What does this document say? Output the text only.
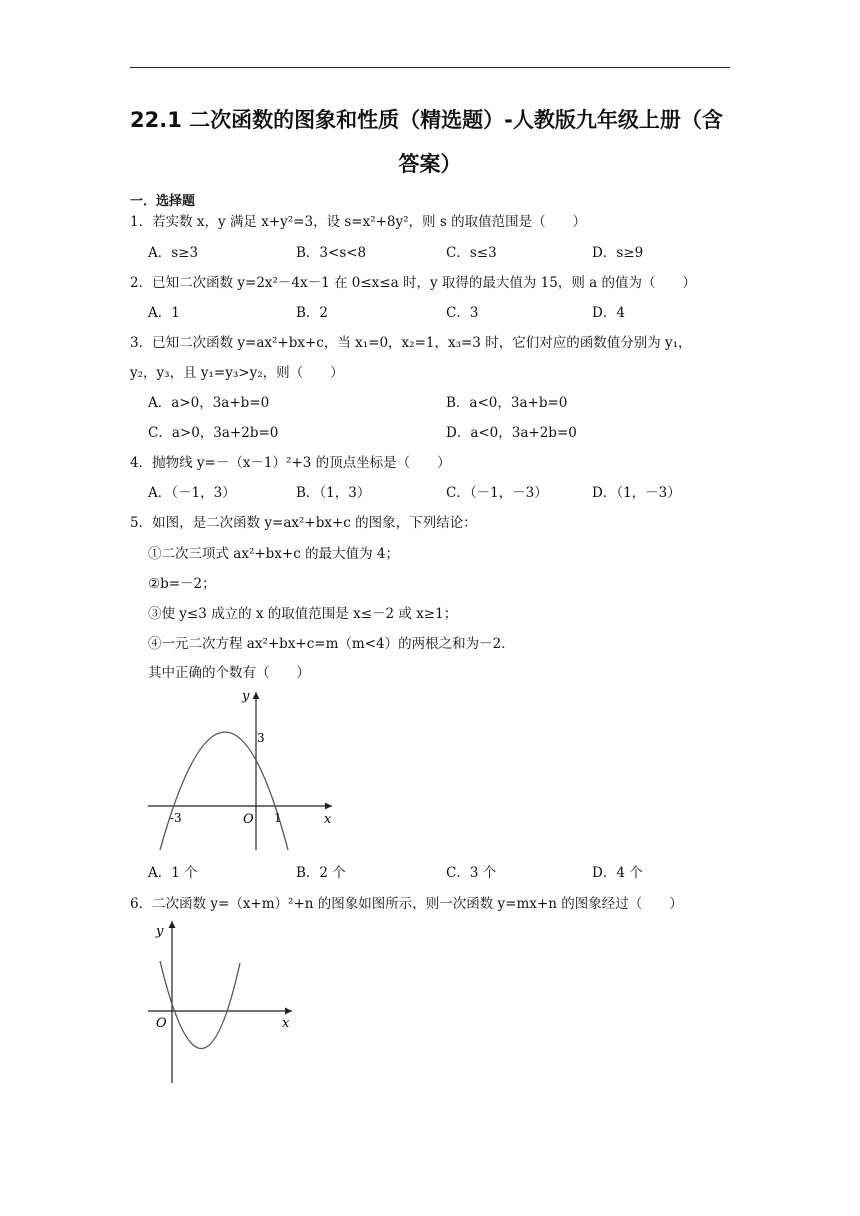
22.1 二次函数的图象和性质（精选题）-人教版九年级上册（含
答案）
一．选择题
1．若实数 x，y 满足 x+y²=3，设 s=x²+8y²，则 s 的取值范围是（　　）
A．s≥3	B．3<s<8	C．s≤3	D．s≥9
2．已知二次函数 y=2x²－4x－1 在 0≤x≤a 时，y 取得的最大值为 15，则 a 的值为（　　）
A．1	B．2	C．3	D．4
3．已知二次函数 y=ax²+bx+c，当 x₁=0，x₂=1，x₃=3 时，它们对应的函数值分别为 y₁，
y₂，y₃，且 y₁=y₃>y₂，则（　　）
A．a>0，3a+b=0	B．a<0，3a+b=0
C．a>0，3a+2b=0	D．a<0，3a+2b=0
4．抛物线 y=－（x－1）²+3 的顶点坐标是（　　）
A．（－1，3）	B．（1，3）	C．（－1，－3）	D．（1，－3）
5．如图，是二次函数 y=ax²+bx+c 的图象，下列结论：
①二次三项式 ax²+bx+c 的最大值为 4；
②b=－2；
③使 y≤3 成立的 x 的取值范围是 x≤－2 或 x≥1；
④一元二次方程 ax²+bx+c=m（m<4）的两根之和为－2．
其中正确的个数有（　　）
y
x
O
-3	1
3
A．1 个	B．2 个	C．3 个	D．4 个
6．二次函数 y=（x+m）²+n 的图象如图所示，则一次函数 y=mx+n 的图象经过（　　）
y
x
O
